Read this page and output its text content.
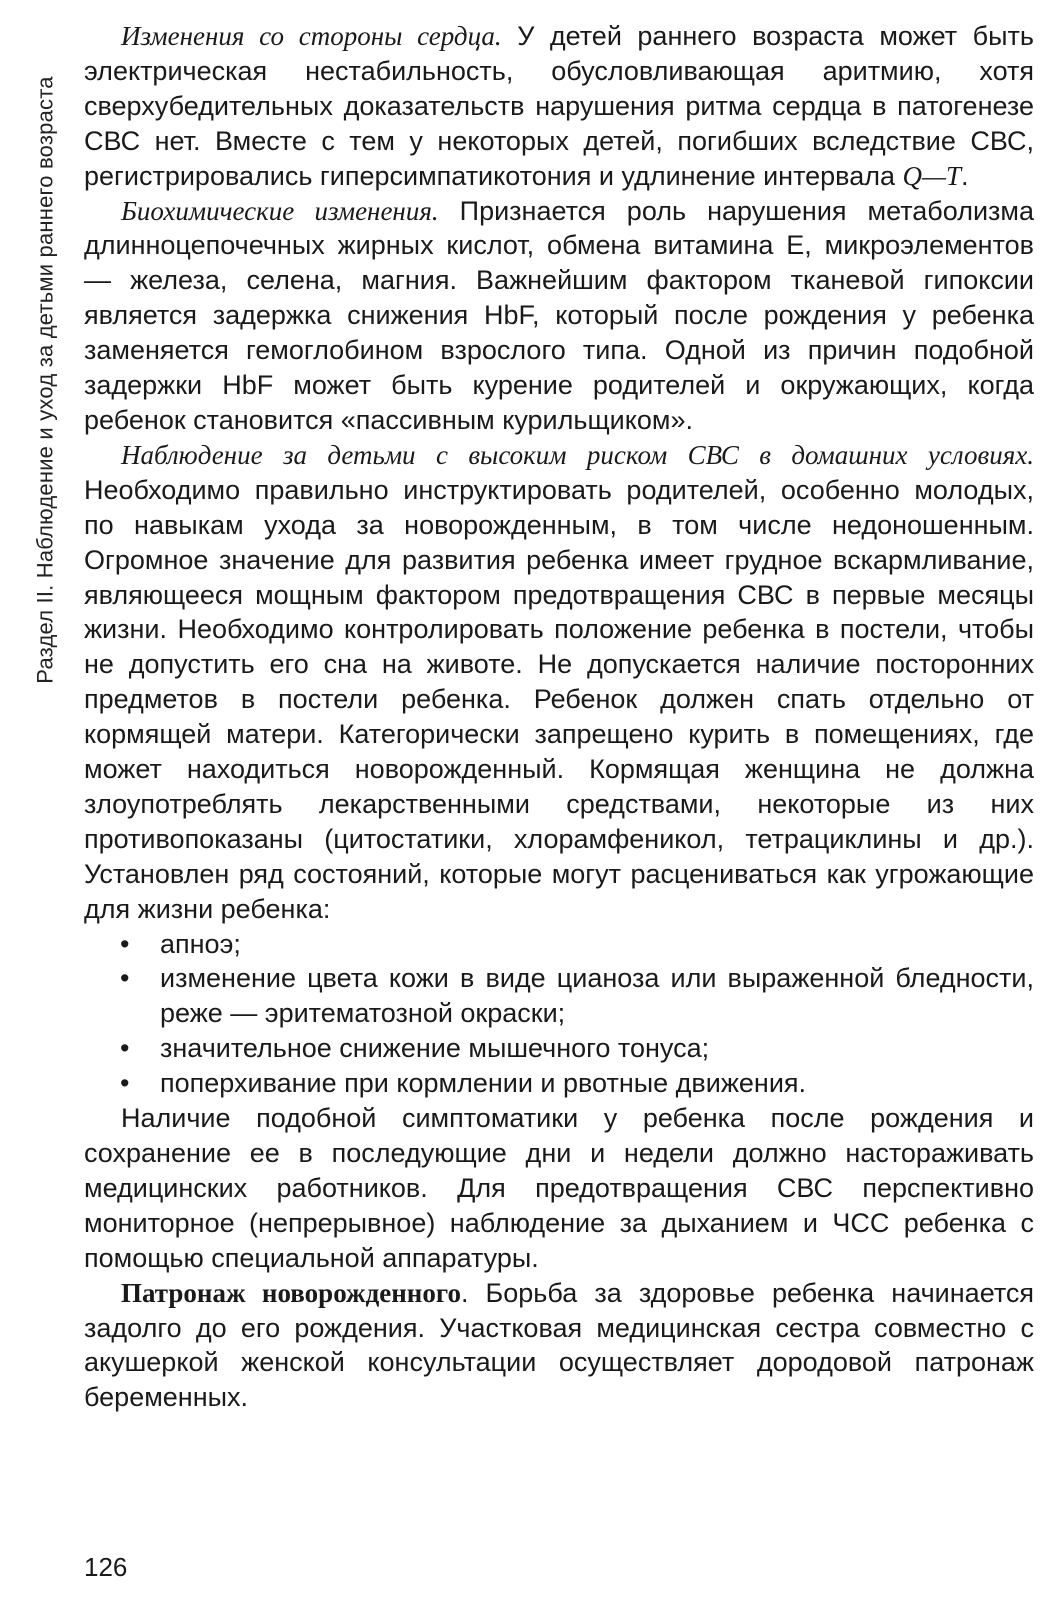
Раздел II. Наблюдение и уход за детьми раннего возраста

Изменения со стороны сердца. У детей раннего возраста может быть электрическая нестабильность, обусловливающая аритмию, хотя сверхубедительных доказательств нарушения ритма сердца в патогенезе СВС нет. Вместе с тем у некоторых детей, погибших вследствие СВС, регистрировались гиперсимпатикотония и удлинение интервала Q—T.

Биохимические изменения. Признается роль нарушения метаболизма длинноцепочечных жирных кислот, обмена витамина Е, микроэлементов — железа, селена, магния. Важнейшим фактором тканевой гипоксии является задержка снижения HbF, который после рождения у ребенка заменяется гемоглобином взрослого типа. Одной из причин подобной задержки HbF может быть курение родителей и окружающих, когда ребенок становится «пассивным курильщиком».

Наблюдение за детьми с высоким риском СВС в домашних условиях. Необходимо правильно инструктировать родителей, особенно молодых, по навыкам ухода за новорожденным, в том числе недоношенным. Огромное значение для развития ребенка имеет грудное вскармливание, являющееся мощным фактором предотвращения СВС в первые месяцы жизни. Необходимо контролировать положение ребенка в постели, чтобы не допустить его сна на животе. Не допускается наличие посторонних предметов в постели ребенка. Ребенок должен спать отдельно от кормящей матери. Категорически запрещено курить в помещениях, где может находиться новорожденный. Кормящая женщина не должна злоупотреблять лекарственными средствами, некоторые из них противопоказаны (цитостатики, хлорамфеникол, тетрациклины и др.). Установлен ряд состояний, которые могут расцениваться как угрожающие для жизни ребенка:

• апноэ;
• изменение цвета кожи в виде цианоза или выраженной бледности, реже — эритематозной окраски;
• значительное снижение мышечного тонуса;
• поперхивание при кормлении и рвотные движения.

Наличие подобной симптоматики у ребенка после рождения и сохранение ее в последующие дни и недели должно настораживать медицинских работников. Для предотвращения СВС перспективно мониторное (непрерывное) наблюдение за дыханием и ЧСС ребенка с помощью специальной аппаратуры.

Патронаж новорожденного. Борьба за здоровье ребенка начинается задолго до его рождения. Участковая медицинская сестра совместно с акушеркой женской консультации осуществляет дородовой патронаж беременных.

126
